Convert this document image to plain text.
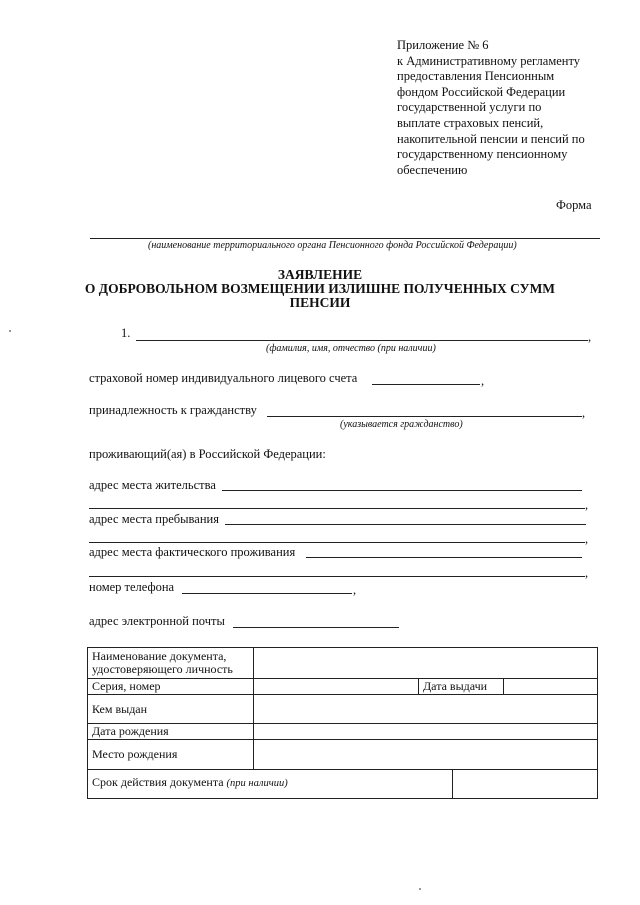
Приложение № 6
к Административному регламенту
предоставления Пенсионным
фондом Российской Федерации
государственной услуги по
выплате страховых пенсий,
накопительной пенсии и пенсий по
государственному пенсионному
обеспечению
Форма
(наименование территориального органа Пенсионного фонда Российской Федерации)
ЗАЯВЛЕНИЕ
О ДОБРОВОЛЬНОМ ВОЗМЕЩЕНИИ ИЗЛИШНЕ ПОЛУЧЕННЫХ СУММ
ПЕНСИИ
1.	,
(фамилия, имя, отчество (при наличии)
страховой номер индивидуального лицевого счета	,
принадлежность к гражданству	,
(указывается гражданство)
проживающий(ая) в Российской Федерации:
адрес места жительства
,
адрес места пребывания
,
адрес места фактического проживания
,
номер телефона	,
адрес электронной почты
Наименование документа,
удостоверяющего личность			

Серия, номер		Дата выдачи	
Кем выдан			
Дата рождения			
Место рождения			
Срок действия документа (при наличии)	
